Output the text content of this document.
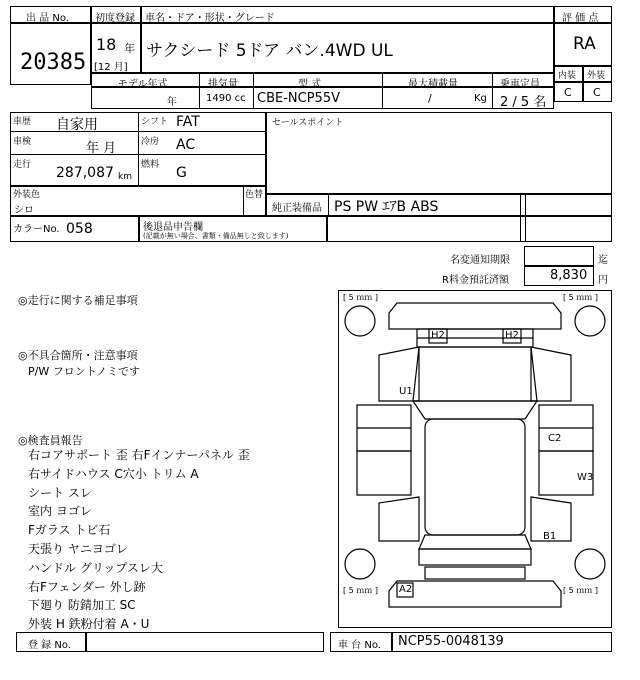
出 品 No.
20385
初度登録 車名・ドア・形状・グレード
18 年
[12 月]
サクシード 5ドア バン.4WD UL
評 価 点
RA
内装 外装
C C
モデル年式	排気量	型 式	最大積載量	乗車定員
年	1490 cc CBE-NCP55V	/	Kg 2 / 5 名
車歴 自家用	シフト FAT
車検	年 月	冷房 AC
走行 287,087 km
燃料 G
セールスポイント
外装色
シロ
色替
純正装備品 PS PW ｴｱB ABS
カラーNo. 058	後退品申告欄
(記載が無い場合、書類・備品無しと致します)
名変通知期限	迄
R料金預託済額	8,830 円
◎走行に関する補足事項
◎不具合箇所・注意事項
P/W フロントノミです
◎検査員報告
右コアサポート 歪 右Fインナーパネル 歪
右サイドハウス C穴小 トリム A
シート スレ
室内 ヨゴレ
Fガラス トビ石
天張り ヤニヨゴレ
ハンドル グリップスレ大
右Fフェンダー 外し跡
下廻り 防錆加工 SC
外装 H 鉄粉付着 A・U
[ 5 ｍｍ ]	[ 5 ｍｍ ]
[ 5 ｍｍ ]	[ 5 ｍｍ ]
H2	H2
U1
C2
W3
B1
A2
登 録 No.	車 台 No. NCP55-0048139
